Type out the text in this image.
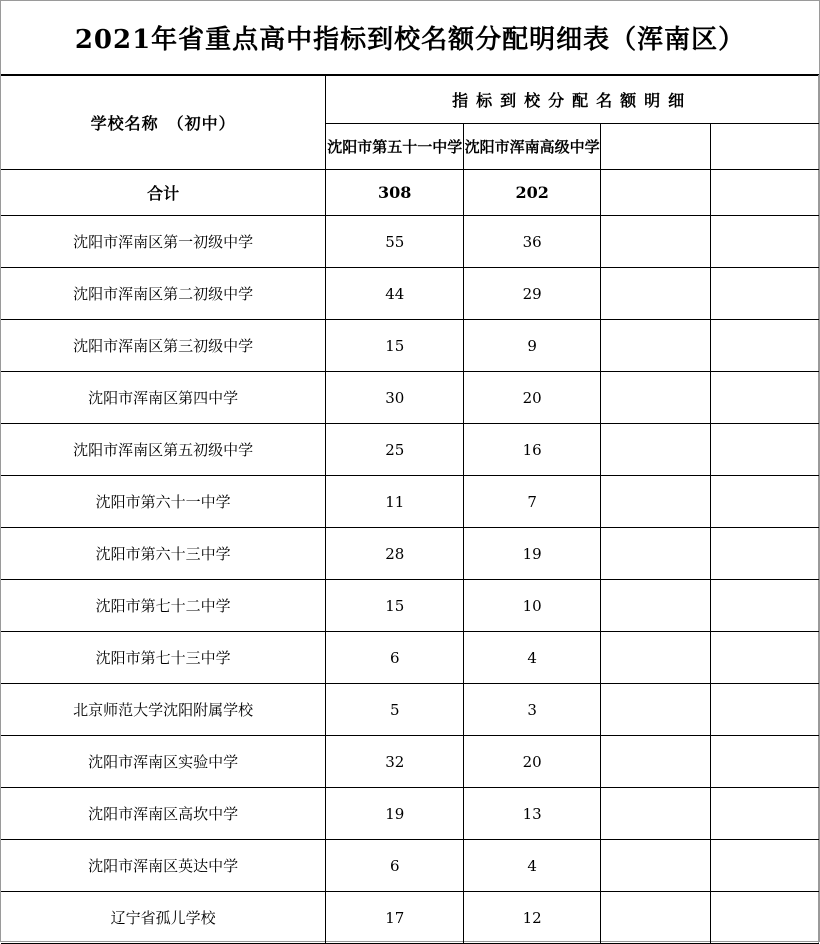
2021年省重点高中指标到校名额分配明细表（浑南区）
学校名称　（初中）	指标到校分配名额明细			
	沈阳市第五十一中学	沈阳市浑南高级中学		
合计	308	202		
沈阳市浑南区第一初级中学	55	36		
沈阳市浑南区第二初级中学	44	29		
沈阳市浑南区第三初级中学	15	9		
沈阳市浑南区第四中学	30	20		
沈阳市浑南区第五初级中学	25	16		
沈阳市第六十一中学	11	7		
沈阳市第六十三中学	28	19		
沈阳市第七十二中学	15	10		
沈阳市第七十三中学	6	4		
北京师范大学沈阳附属学校	5	3		
沈阳市浑南区实验中学	32	20		
沈阳市浑南区高坎中学	19	13		
沈阳市浑南区英达中学	6	4		
辽宁省孤儿学校	17	12		
